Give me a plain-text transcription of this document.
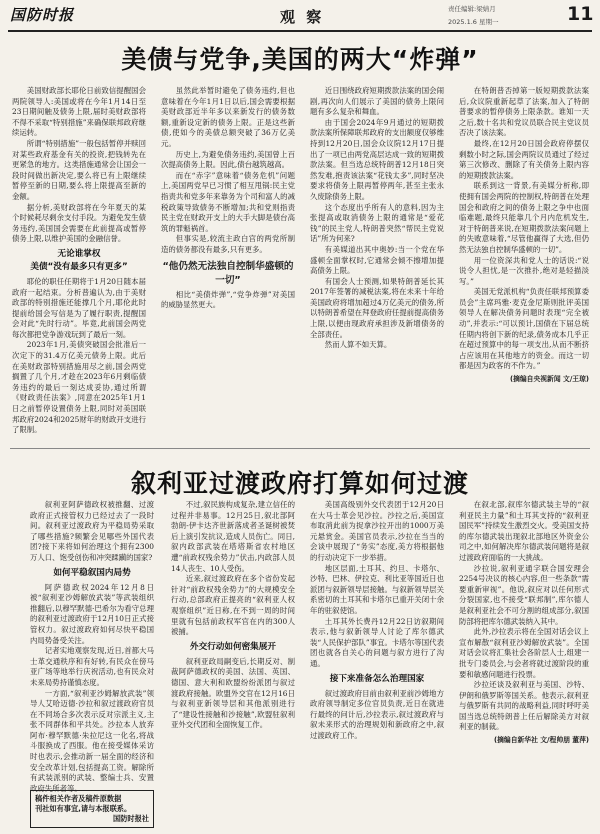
国防时报	观 察	责任编辑:梁婧月
2025.1.6 星期一	11
美债与党争,美国的两大“炸弹”

美国财政部长耶伦日前致信提醒国会两院领导人:美国或将在今年1月14日至23日期间触及债务上限,届时美财政部将不得不采取“特别措施”来确保联邦政府继续运转。

所谓“特别措施”一般包括暂停并赎回对某些政府基金有关的投资,把钱转先在更紧急的地方。这类措施通常会让国会一段时间做出新决定,要么将已有上限继续暂停至新的日期,要么将上限提高至新的金额。

据分析,美财政部将在今年夏天的某个时候耗尽剩余支付手段。为避免发生债务违约,美国国会需要在此前提高或暂停债务上限,以维护美国的金融信誉。

无论谁掌权
美债“没有最多只有更多”

耶伦的职任任期将于1月20日随本届政府一起结束。分析普遍认为,由于美财政部的特别措施还能撑几个月,耶伦此时提前给国会写信是为了履行职责,提醒国会对此“先时行动”。毕竟,此前国会两党每次都把党争游戏玩到了最后一刻。

2023年1月,美债突破国会批准后一次定下的31.4万亿美元债务上限。此后在美财政部特别措施用尽之前,国会两党搁置了几个月,才趁在2023年6月剩临债务违约的最后一刻达成妥协,通过所谓《财政责任法案》,同意在2025年1月1日之前暂停设置债务上限,同时对美国联邦政府2024和2025财年的财政开支进行了限制。

虽然此举暂时避免了债务违约,但也意味着在今年1月1日以后,国会需要根据美财政部近半年多以来新发行的债务数额,重新设定新的债务上限。正是这些新债,使如今的美债总额突破了36万亿美元。

历史上,为避免债务违约,美国曾上百次提高债务上限。因此,债台越筑越高。

而在“赤字”意味着“债务危机”问题上,美国两党早已习惯了相互甩锅:民主党指责共和党多年来靠务为个司和富人的减税政策导致债务不断增加;共和党则指责民主党在财政开支上的大手大脚是债台高筑的罪魁祸首。

但事实是,较流主政白宫的两党所制造的债务都没有最多,只有更多。

“他仍然无法独自控制华盛顿的一切”

相比“美债炸弹”,“党争炸弹”对美国的威胁显然更大。

近日围绕政府短期拨款法案的国会闹剧,再次向人们展示了美国的债务上限问题有多么复杂和舞血。

由于国会2024年9月通过的短期拨款法案所保障联邦政府的支出额度仅够维持到12月20日,国会众议院12月17日提出了一项已由两党高层达成一致的短期拨款法案。但当选总统特朗普12月18日突然发难,抱责该法案“花钱太多”,同时坚决要求将债务上限再暂停两年,甚至主张永久废除债务上限。

这个态度出乎所有人的意料,因为主张提高或取消债务上限的通常是“爱花钱”的民主党人,特朗普突然“帮民主党说话”所为何来?

有美媒道出其中奥妙:当一个党在华盛顿全面掌权时,它通常会倾不擦增加提高债务上限。

有国会人士预测,如果特朗普延长其2017年签署的减税法案,将在未来十年给美国政府将增加超过4万亿美元的债务,所以特朗普希望在拜登政府任提前提高债务上限,以便由现政府承担涉及新增债务的全部责任。

然而人算不如天算。

在特朗普否掉第一版短期拨款法案后,众议院重新起草了法案,加入了特朗普要求的暂停债务上限条款。谁知一天之后,数十名共和党议员联合民主党议员否决了该法案。

最终,在12月20日国会政府停摆仅剩数小时之际,国会两院议员通过了经过第三次修改、删除了有关债务上限内容的短期拨款法案。

联系到这一背景,有美媒分析称,即使拥有国会两院的控制权,特朗普在处理国会和政府之间的债务上限之争中也面临难题,最终只能靠几个月内危机发生,对于特朗普来说,在短期拨款法案问题上的失败意味着,“尽管他赢得了大选,但仍然无法独自控制华盛顿的一切”。

用一位资深共和党人士的话说:“说说令人担忧,是一次推扑,绝对是轻描淡写。”

美国无党派机构“负责任联邦预算委员会”主席玛雅·麦克金尼斯则批评美国领导人在解决债务问题时表现“完全被动”,并表示:“可以预计,国债在下届总统任期内将创下新的纪录,债务成本几乎正在超过预算中的每一项支出,从而不断挤占应该用在其他地方的资金。而这一切都是因为政客的不作为。”

(摘编自央视新闻 文/王琼)

叙利亚过渡政府打算如何过渡

叙利亚阿萨德政权被推翻、过渡政府正式接管权力已经过去了一段时间。叙利亚过渡政府为平稳局势采取了哪些措施?频繁会见哪些外国代表团?接下来将如何治理这个拥有2300万人口、饱受创伤和冲突蹂躏的国家?

如何平稳叙国内局势

阿萨德政权2024年12月8日被“叙利亚沙姆解放武装”等武装组织推翻后,以穆罕默德·巴希尔为看守总理的叙利亚过渡政府于12月10日正式接管权力。叙过渡政府如何尽快平稳国内局势备受关注。

记者实地观察发现,近日,首都大马士革交通秩序和有好转,有民众在傍马亚广场等地举行庆祝活动,也有民众对未来局势持谨慎态度。

一方面,“叙利亚沙姆解放武装”领导人艾哈迈德·沙拉和叙过渡政府官员在不同场合多次表示反对宗派主义,主张不同群体和平共处。沙拉本人放弃阿布·穆罕默德·朱拉尼这一化名,将战斗服换成了西服。他在接受媒体采访时也表示,会推动新一届全面的经济和安全改革计划,包括提高工资。解除所有武装派别的武装、整编士兵、安置政府失所者等。

不过,叙民族构成复杂,建立信任的过程并非易事。12月25日,叙北部阿勃朗-伊卡达齐世新落成者圣诞树被焚后上演引发抗议,造成人员伤亡。同日,叙内政部武装在塔塔斯省农村地区遭“前政权残余势力”伏击,内政部人员14人丧生、10人受伤。

近来,叙过渡政府在多个省份发起针对“前政权残余势力”的大规模安全行动,总部政府正提亮的“叙利亚人权观察组织”近日称,在不到一周的时间里就有包括前政权军官在内的300人被捕。

外交行动如何密集展开

叙利亚政局嗣变后,长期反对、制裁阿萨德政权的美国、法国、英国、德国、意大利和欧盟纷纷派团与叙过渡政府接触。欧盟外交官在12月16日与叙利亚新领导层和其他派别进行了“建设性接触和沙接触”,欧盟驻叙利亚外交代团和全面恢复工作。

美国高级别外交代表团于12月20日在大马士革会见沙拉。沙拉之后,美国宣布取消此前为捉拿沙拉开出的1000万美元悬赏金。美国官员表示,沙拉在当当的会谈中展现了“务实”态度,美方将根据他的行动决定下一步举措。

地区层面,土耳其、约旦、卡塔尔、沙特、巴林、伊拉克、利比亚等国近日也派团与叙新领导层接触。与叙新领导层关系密切的土耳其和卡塔尔已重开关闭十余年的驻叙使馆。

土耳其外长费丹12月22日访叙期间表示,他与叙新领导人讨论了库尔德武装“人民保护部队”事宜。卡塔尔等国代表团也就各自关心的问题与叙方进行了沟通。

接下来准备怎么治理国家

叙过渡政府目前由叙利亚前沙姆地方政府领导制定多位官员负责,近日在就进行最终的问计后,沙拉表示,叙过渡政府与叙未来形式的治理规划和新政府之中,叙过渡政府工作。

在叙北部,叙库尔德武装主导的“叙利亚民主力量”和土耳其支持的“叙利亚国民军”持续发生激烈交火。受美国支持的库尔德武装出现叙北部地区外资金公司之中,如何解决库尔德武装问题将是叙过渡政府面临的一大挑战。

沙拉说,叙利亚通字联合国安理会2254号决议的核心内容,但一些条款“需要重新审视”。他说,叙应对以任何形式分裂国家,也不接受“联邦制”,库尔德人是叙利亚社会不可分割的组成部分,叙国防部将把库尔德武装纳入其中。

此外,沙拉表示将在全国对话会议上宣布解散“叙利亚沙姆解放武装”。全国对话会议将汇集社会各阶层人士,组建一批专门委员会,与会者将就过渡阶段的重要和敏感问题进行投票。

沙拉还谈及叙利亚与美国、沙特、伊朗和俄罗斯等国关系。他表示,叙利亚与俄罗斯有共同的战略利益,同时呼吁美国当选总统特朗普上任后解除美方对叙利亚的制裁。

(摘编自新华社 文/程帅朋 董萍)

稿件相关作者及稿件原数据
刊社如有事宜,请与本报联系。
国防时报社
